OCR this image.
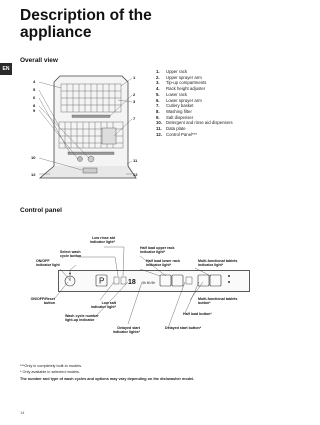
Description of the
appliance
EN
Overall view
1
2
3
4
5
6
7
8
9
10
11
12	12
1. Upper rack
2. Upper sprayer arm
3. Tip-up compartments
4. Rack height adjuster
5. Lower rack
6. Lower sprayer arm
7. Cutlery basket
8. Washing filter
9. Salt dispenser
10. Detergent and rinse aid dispensers
11. Data plate
12. Control Panel***
Control panel
P	18 3h 6h 9h
Low rinse aid
indicator light*
Select wash
cycle button
ON/OFF
indicator light
Half load upper rack
indicator light*
Half load lower rack
indicator light*
Multi-functional tablets
indicator light*
ON/OFF/Reset
button	Low salt
indicator light*
Wash cycle number
light-up indicator
Delayed start
indicator lights*
Multi-functional tablets
button*
Half load button*
Delayed start button*
***Only in completely built-in models.
* Only available in selected models.
The number and type of wash cycles and options may vary depending on the dishwasher model.
14
